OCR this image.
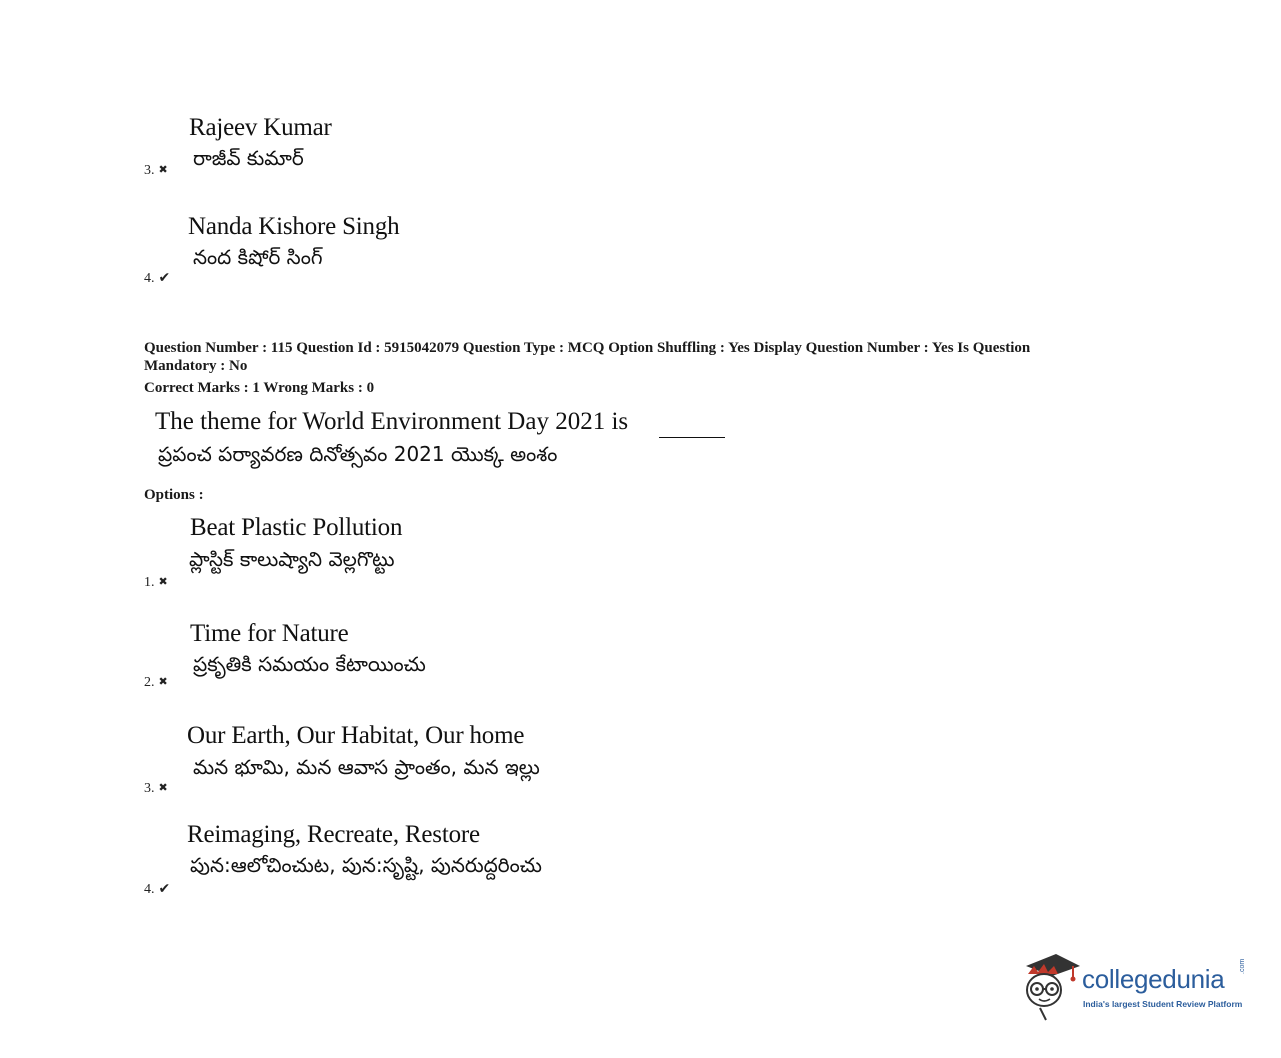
Rajeev Kumar
రాజీవ్ కుమార్
3. ✖
Nanda Kishore Singh
నంద కిషోర్ సింగ్
4. ✔
Question Number : 115 Question Id : 5915042079 Question Type : MCQ Option Shuffling : Yes Display Question Number : Yes Is Question
Mandatory : No
Correct Marks : 1 Wrong Marks : 0
The theme for World Environment Day 2021 is
ప్రపంచ పర్యావరణ దినోత్సవం 2021 యొక్క అంశం
Options :
Beat Plastic Pollution
ప్లాస్టిక్ కాలుష్యాని వెల్లగొట్టు
1. ✖
Time for Nature
ప్రకృతికి సమయం కేటాయించు
2. ✖
Our Earth, Our Habitat, Our home
మన భూమి, మన ఆవాస ప్రాంతం, మన ఇల్లు
3. ✖
Reimaging, Recreate, Restore
పున:ఆలోచించుట, పున:సృష్టి, పునరుద్దరించు
4. ✔
collegedunia .com
India's largest Student Review Platform
